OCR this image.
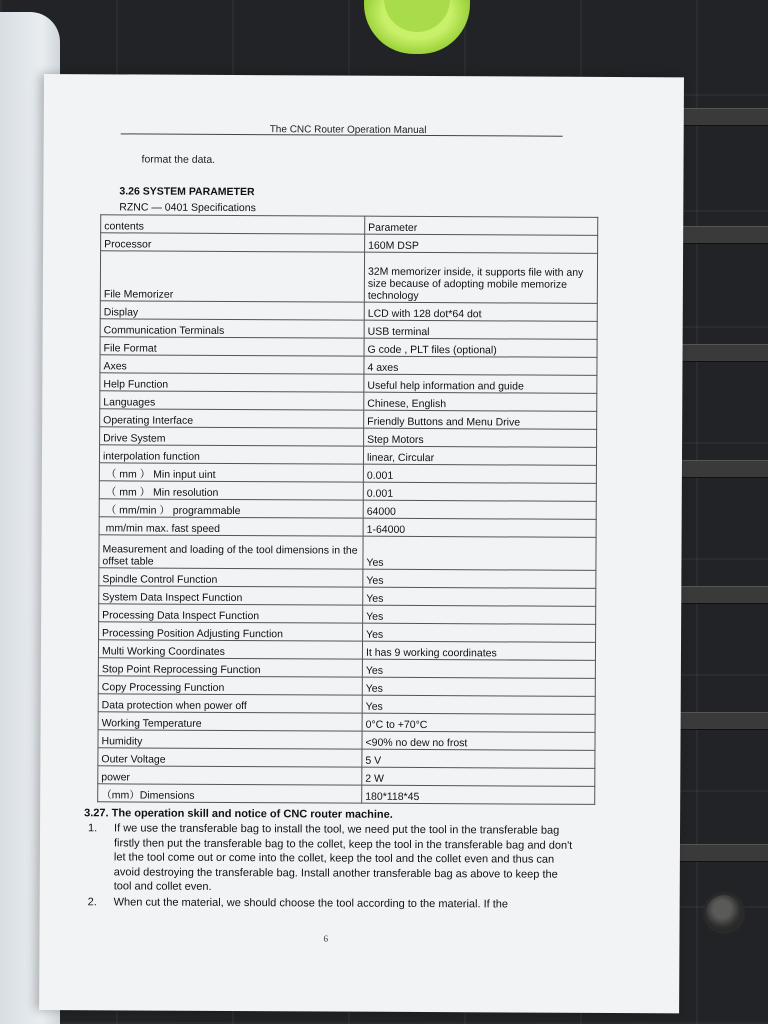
The CNC Router Operation Manual
format the data.
3.26 SYSTEM PARAMETER
RZNC — 0401 Specifications
contents	Parameter
Processor	160M DSP
File Memorizer	32M memorizer inside, it supports file with any size because of adopting mobile memorize technology
Display	LCD with 128 dot*64 dot
Communication Terminals	USB terminal
File Format	G code , PLT files (optional)
Axes	4 axes
Help Function	Useful help information and guide
Languages	Chinese, English
Operating Interface	Friendly Buttons and Menu Drive
Drive System	Step Motors
interpolation function	linear, Circular
（ mm ） Min input uint	0.001
（ mm ） Min resolution	0.001
（ mm/min ） programmable	64000
mm/min max. fast speed	1-64000
Measurement and loading of the tool dimensions in the offset table	Yes
Spindle Control Function	Yes
System Data Inspect Function	Yes
Processing Data Inspect Function	Yes
Processing Position Adjusting Function	Yes
Multi Working Coordinates	It has 9 working coordinates
Stop Point Reprocessing Function	Yes
Copy Processing Function	Yes
Data protection when power off	Yes
Working Temperature	0°C to +70°C
Humidity	<90% no dew no frost
Outer Voltage	5 V
power	2 W
（mm）Dimensions	180*118*45
3.27. The operation skill and notice of CNC router machine.
1. If we use the transferable bag to install the tool, we need put the tool in the transferable bag firstly then put the transferable bag to the collet, keep the tool in the transferable bag and don't let the tool come out or come into the collet, keep the tool and the collet even and thus can avoid destroying the transferable bag. Install another transferable bag as above to keep the tool and collet even.
2. When cut the material, we should choose the tool according to the material. If the
6
